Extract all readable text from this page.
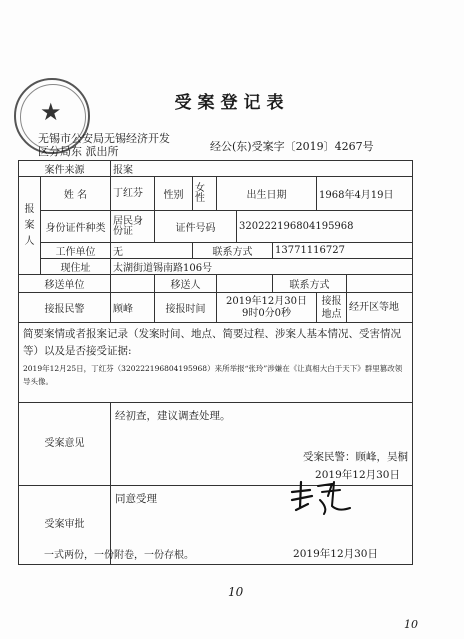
★	受案登记表
无锡市公安局无锡经济开发
区分局东 派出所	经公(东)受案字〔2019〕4267号
案件来源		报案							
报案人	姓 名	丁红芬	性别	女性	出生日期			1968年4月19日	
	身份证件种类	居民身份证	证件号码			320222196804195968			
	工作单位	无		联系方式			13771116727		
	现住址	太湖街道锡南路106号							
移送单位			移送人				联系方式		
接报民警		顾峰	接报时间		2019年12月30日
9时0分0秒			接报地点	经开区等地

简要案情或者报案记录（发案时间、地点、简要过程、涉案人基本情况、受害情况等）以及是否接受证据:
2019年12月25日，丁红芬（320222196804195968）来所举报“张玲”涉嫌在《让真相大白于天下》群里篡改领导头像。									

受案意见		经初查，建议调查处理。
受案民警：顾峰，吴桐
2019年12月30日							

受案审批		同意受理
2019年12月30日							
一式两份，一份附卷，一份存根。
10
10
